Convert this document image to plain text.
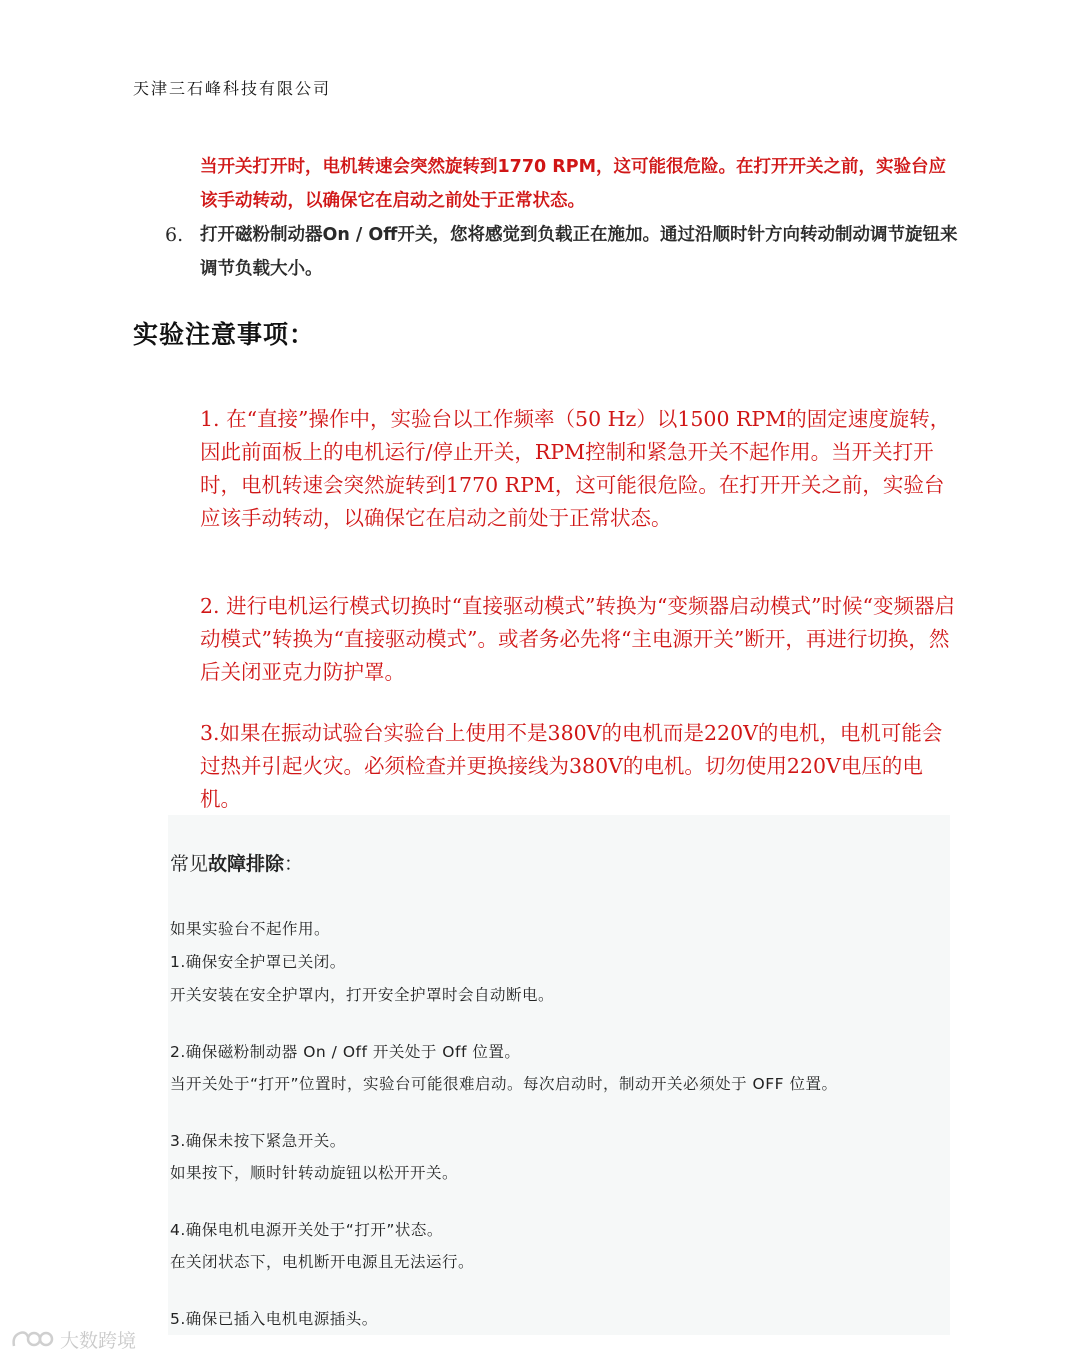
天津三石峰科技有限公司
当开关打开时，电机转速会突然旋转到1770 RPM，这可能很危险。在打开开关之前，实验台应该手动转动，以确保它在启动之前处于正常状态。
6. 打开磁粉制动器On / Off开关，您将感觉到负载正在施加。通过沿顺时针方向转动制动调节旋钮来调节负载大小。
实验注意事项：
1. 在“直接”操作中，实验台以工作频率（50 Hz）以1500 RPM的固定速度旋转，因此前面板上的电机运行/停止开关，RPM控制和紧急开关不起作用。当开关打开时，电机转速会突然旋转到1770 RPM，这可能很危险。在打开开关之前，实验台应该手动转动，以确保它在启动之前处于正常状态。
2. 进行电机运行模式切换时“直接驱动模式”转换为“变频器启动模式”时候“变频器启动模式”转换为“直接驱动模式”。或者务必先将“主电源开关”断开，再进行切换，然后关闭亚克力防护罩。
3.如果在振动试验台实验台上使用不是380V的电机而是220V的电机，电机可能会过热并引起火灾。必须检查并更换接线为380V的电机。切勿使用220V电压的电机。
常见故障排除：
如果实验台不起作用。
1.确保安全护罩已关闭。
开关安装在安全护罩内，打开安全护罩时会自动断电。
2.确保磁粉制动器 On / Off 开关处于 Off 位置。
当开关处于“打开”位置时，实验台可能很难启动。每次启动时，制动开关必须处于 OFF 位置。
3.确保未按下紧急开关。
如果按下，顺时针转动旋钮以松开开关。
4.确保电机电源开关处于“打开”状态。
在关闭状态下，电机断开电源且无法运行。
5.确保已插入电机电源插头。
大数跨境
